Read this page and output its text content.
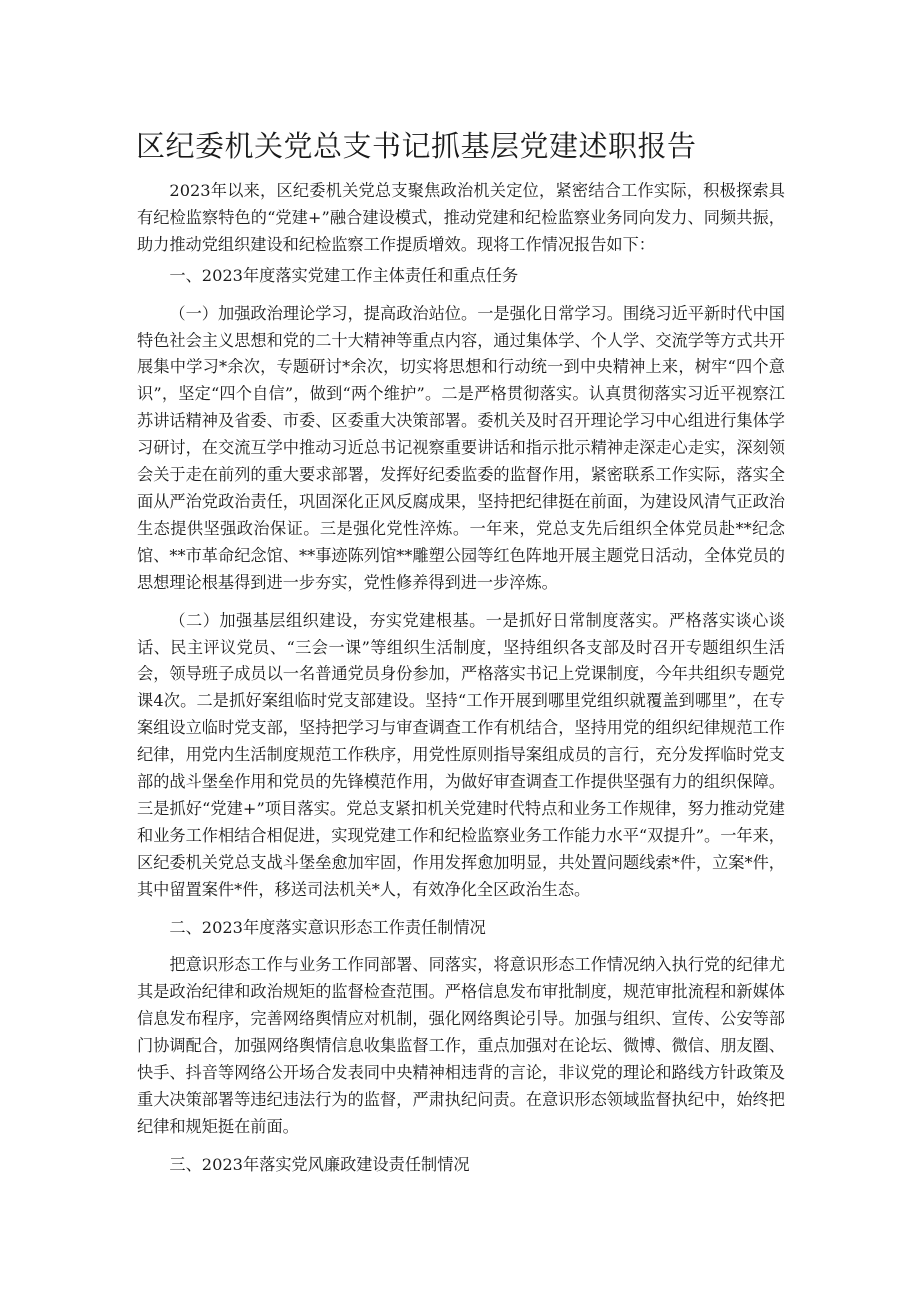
区纪委机关党总支书记抓基层党建述职报告

2023年以来，区纪委机关党总支聚焦政治机关定位，紧密结合工作实际，积极探索具有纪检监察特色的“党建+”融合建设模式，推动党建和纪检监察业务同向发力、同频共振，助力推动党组织建设和纪检监察工作提质增效。现将工作情况报告如下：

一、2023年度落实党建工作主体责任和重点任务

（一）加强政治理论学习，提高政治站位。一是强化日常学习。围绕习近平新时代中国特色社会主义思想和党的二十大精神等重点内容，通过集体学、个人学、交流学等方式共开展集中学习*余次，专题研讨*余次，切实将思想和行动统一到中央精神上来，树牢“四个意识”，坚定“四个自信”，做到“两个维护”。二是严格贯彻落实。认真贯彻落实习近平视察江苏讲话精神及省委、市委、区委重大决策部署。委机关及时召开理论学习中心组进行集体学习研讨，在交流互学中推动习近总书记视察重要讲话和指示批示精神走深走心走实，深刻领会关于走在前列的重大要求部署，发挥好纪委监委的监督作用，紧密联系工作实际，落实全面从严治党政治责任，巩固深化正风反腐成果，坚持把纪律挺在前面，为建设风清气正政治生态提供坚强政治保证。三是强化党性淬炼。一年来，党总支先后组织全体党员赴**纪念馆、**市革命纪念馆、**事迹陈列馆**雕塑公园等红色阵地开展主题党日活动，全体党员的思想理论根基得到进一步夯实，党性修养得到进一步淬炼。

（二）加强基层组织建设，夯实党建根基。一是抓好日常制度落实。严格落实谈心谈话、民主评议党员、“三会一课”等组织生活制度，坚持组织各支部及时召开专题组织生活会，领导班子成员以一名普通党员身份参加，严格落实书记上党课制度，今年共组织专题党课4次。二是抓好案组临时党支部建设。坚持“工作开展到哪里党组织就覆盖到哪里”，在专案组设立临时党支部，坚持把学习与审查调查工作有机结合，坚持用党的组织纪律规范工作纪律，用党内生活制度规范工作秩序，用党性原则指导案组成员的言行，充分发挥临时党支部的战斗堡垒作用和党员的先锋模范作用，为做好审查调查工作提供坚强有力的组织保障。三是抓好“党建+”项目落实。党总支紧扣机关党建时代特点和业务工作规律，努力推动党建和业务工作相结合相促进，实现党建工作和纪检监察业务工作能力水平“双提升”。一年来，区纪委机关党总支战斗堡垒愈加牢固，作用发挥愈加明显，共处置问题线索*件，立案*件，其中留置案件*件，移送司法机关*人，有效净化全区政治生态。

二、2023年度落实意识形态工作责任制情况

把意识形态工作与业务工作同部署、同落实，将意识形态工作情况纳入执行党的纪律尤其是政治纪律和政治规矩的监督检查范围。严格信息发布审批制度，规范审批流程和新媒体信息发布程序，完善网络舆情应对机制，强化网络舆论引导。加强与组织、宣传、公安等部门协调配合，加强网络舆情信息收集监督工作，重点加强对在论坛、微博、微信、朋友圈、快手、抖音等网络公开场合发表同中央精神相违背的言论，非议党的理论和路线方针政策及重大决策部署等违纪违法行为的监督，严肃执纪问责。在意识形态领域监督执纪中，始终把纪律和规矩挺在前面。

三、2023年落实党风廉政建设责任制情况
